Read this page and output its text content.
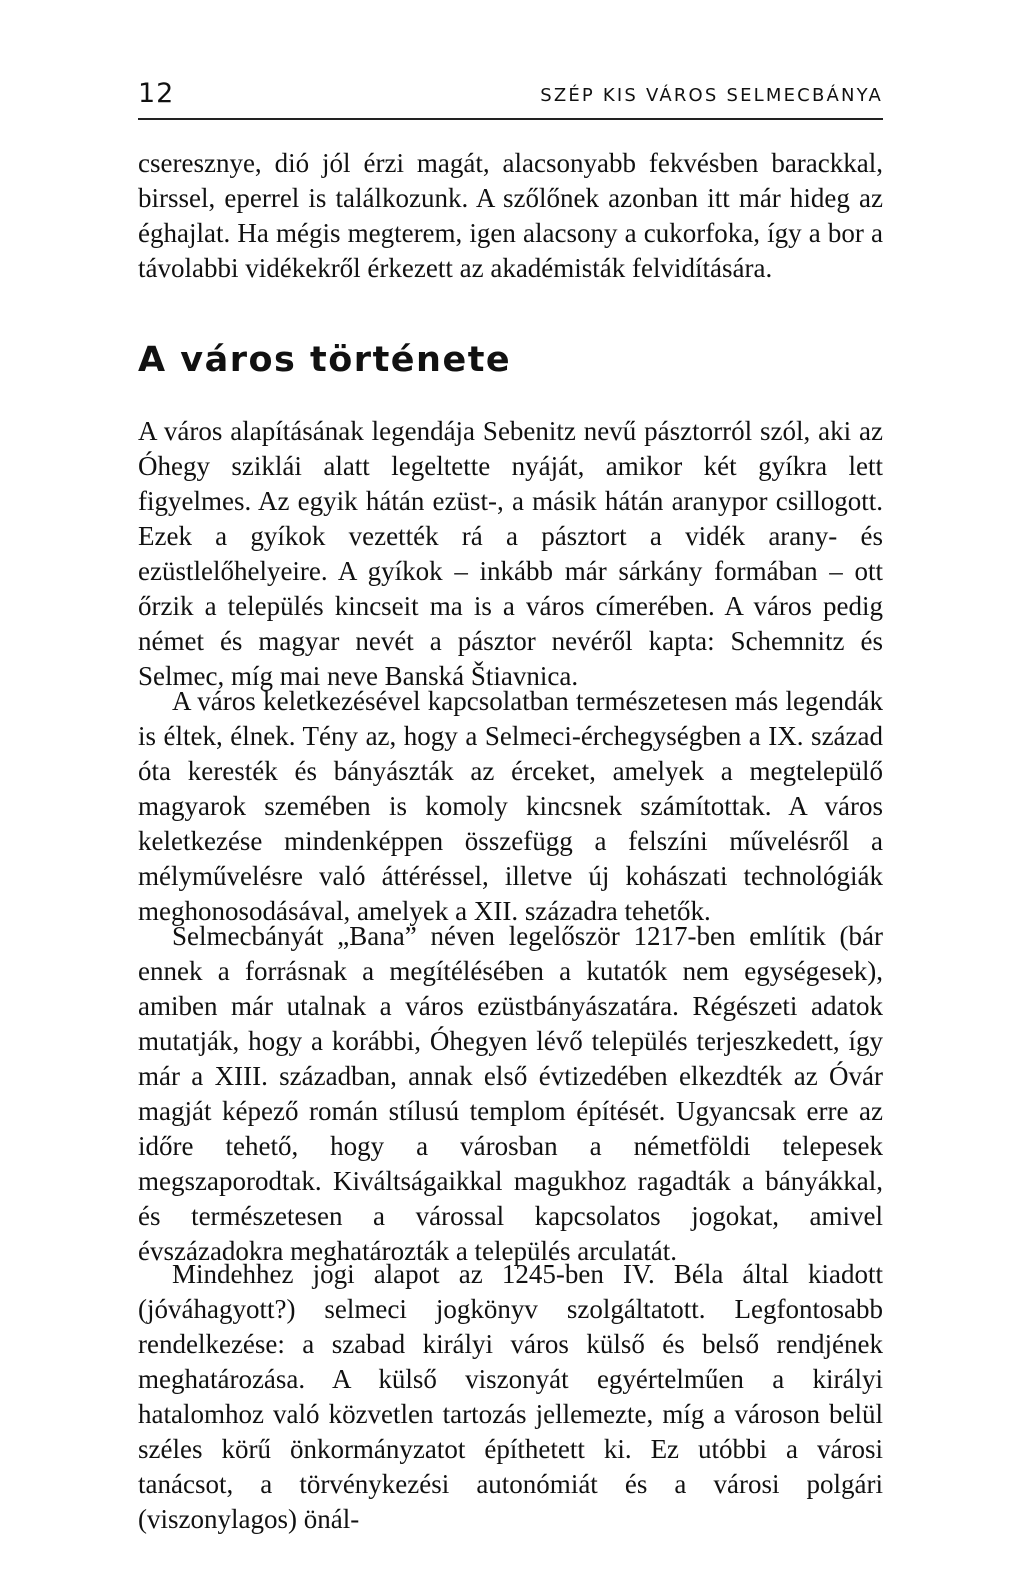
12	SZÉP KIS VÁROS SELMECBÁNYA

cseresznye, dió jól érzi magát, alacsonyabb fekvésben barackkal, birssel, eperrel is találkozunk. A szőlőnek azonban itt már hideg az éghajlat. Ha mégis megterem, igen alacsony a cukorfoka, így a bor a távolabbi vidékekről érkezett az akadémisták felvidítására.

A város története

A város alapításának legendája Sebenitz nevű pásztorról szól, aki az Óhegy sziklái alatt legeltette nyáját, amikor két gyíkra lett figyelmes. Az egyik hátán ezüst-, a másik hátán aranypor csillogott. Ezek a gyíkok vezették rá a pásztort a vidék arany- és ezüstlelőhelyeire. A gyíkok – inkább már sárkány formában – ott őrzik a település kincseit ma is a város címerében. A város pedig német és magyar nevét a pásztor nevéről kapta: Schemnitz és Selmec, míg mai neve Banská Štiavnica.

A város keletkezésével kapcsolatban természetesen más legendák is éltek, élnek. Tény az, hogy a Selmeci-érchegységben a IX. század óta keresték és bányászták az érceket, amelyek a megtelepülő magyarok szemében is komoly kincsnek számítottak. A város keletkezése mindenképpen összefügg a felszíni művelésről a mélyművelésre való áttéréssel, illetve új kohászati technológiák meghonosodásával, amelyek a XII. századra tehetők.

Selmecbányát „Bana” néven legelőször 1217-ben említik (bár ennek a forrásnak a megítélésében a kutatók nem egységesek), amiben már utalnak a város ezüstbányászatára. Régészeti adatok mutatják, hogy a korábbi, Óhegyen lévő település terjeszkedett, így már a XIII. században, annak első évtizedében elkezdték az Óvár magját képező román stílusú templom építését. Ugyancsak erre az időre tehető, hogy a városban a németföldi telepesek megszaporodtak. Kiváltságaikkal magukhoz ragadták a bányákkal, és természetesen a várossal kapcsolatos jogokat, amivel évszázadokra meghatározták a település arculatát.

Mindehhez jogi alapot az 1245-ben IV. Béla által kiadott (jóváhagyott?) selmeci jogkönyv szolgáltatott. Legfontosabb rendelkezése: a szabad királyi város külső és belső rendjének meghatározása. A külső viszonyát egyértelműen a királyi hatalomhoz való közvetlen tartozás jellemezte, míg a városon belül széles körű önkormányzatot építhetett ki. Ez utóbbi a városi tanácsot, a törvénykezési autonómiát és a városi polgári (viszonylagos) önál-
